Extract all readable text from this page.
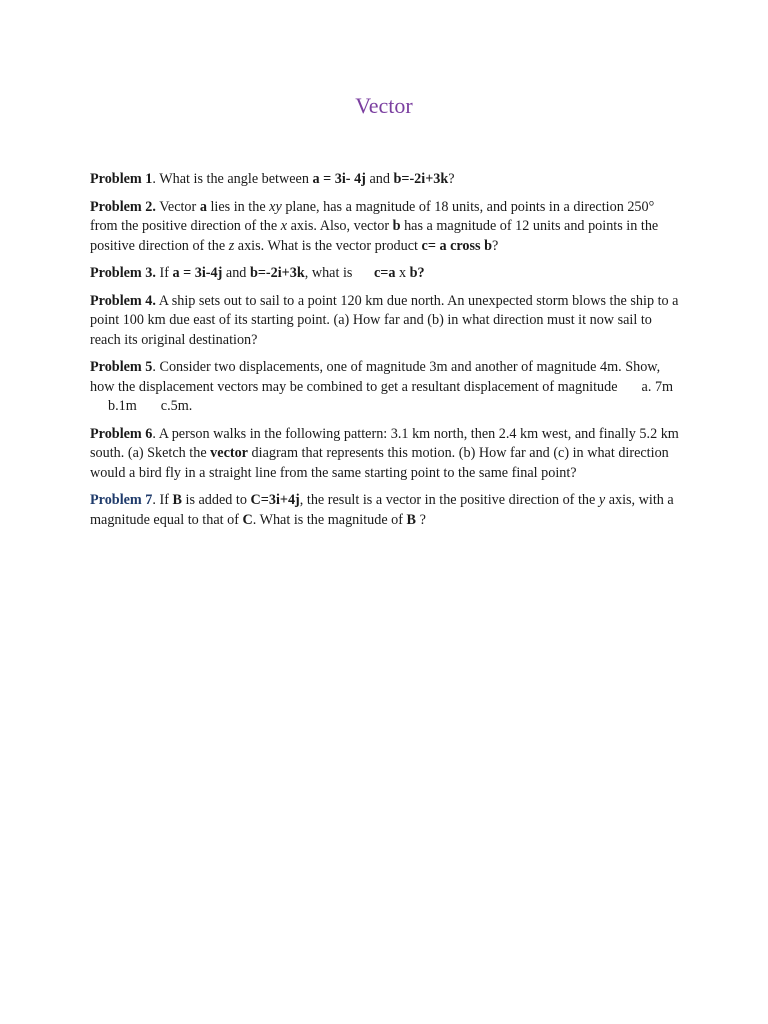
Vector

Problem 1. What is the angle between a = 3i- 4j and b=-2i+3k?

Problem 2. Vector a lies in the xy plane, has a magnitude of 18 units, and points in a direction 250° from the positive direction of the x axis. Also, vector b has a magnitude of 12 units and points in the positive direction of the z axis. What is the vector product c= a cross b?

Problem 3. If a = 3i-4j and b=-2i+3k, what is c=a x b?

Problem 4. A ship sets out to sail to a point 120 km due north. An unexpected storm blows the ship to a point 100 km due east of its starting point. (a) How far and (b) in what direction must it now sail to reach its original destination?

Problem 5. Consider two displacements, one of magnitude 3m and another of magnitude 4m. Show, how the displacement vectors may be combined to get a resultant displacement of magnitude a. 7mb.1m c.5m.

Problem 6. A person walks in the following pattern: 3.1 km north, then 2.4 km west, and finally 5.2 km south. (a) Sketch the vector diagram that represents this motion. (b) How far and (c) in what direction would a bird fly in a straight line from the same starting point to the same final point?

Problem 7. If B is added to C=3i+4j, the result is a vector in the positive direction of the y axis, with a magnitude equal to that of C. What is the magnitude of B ?
